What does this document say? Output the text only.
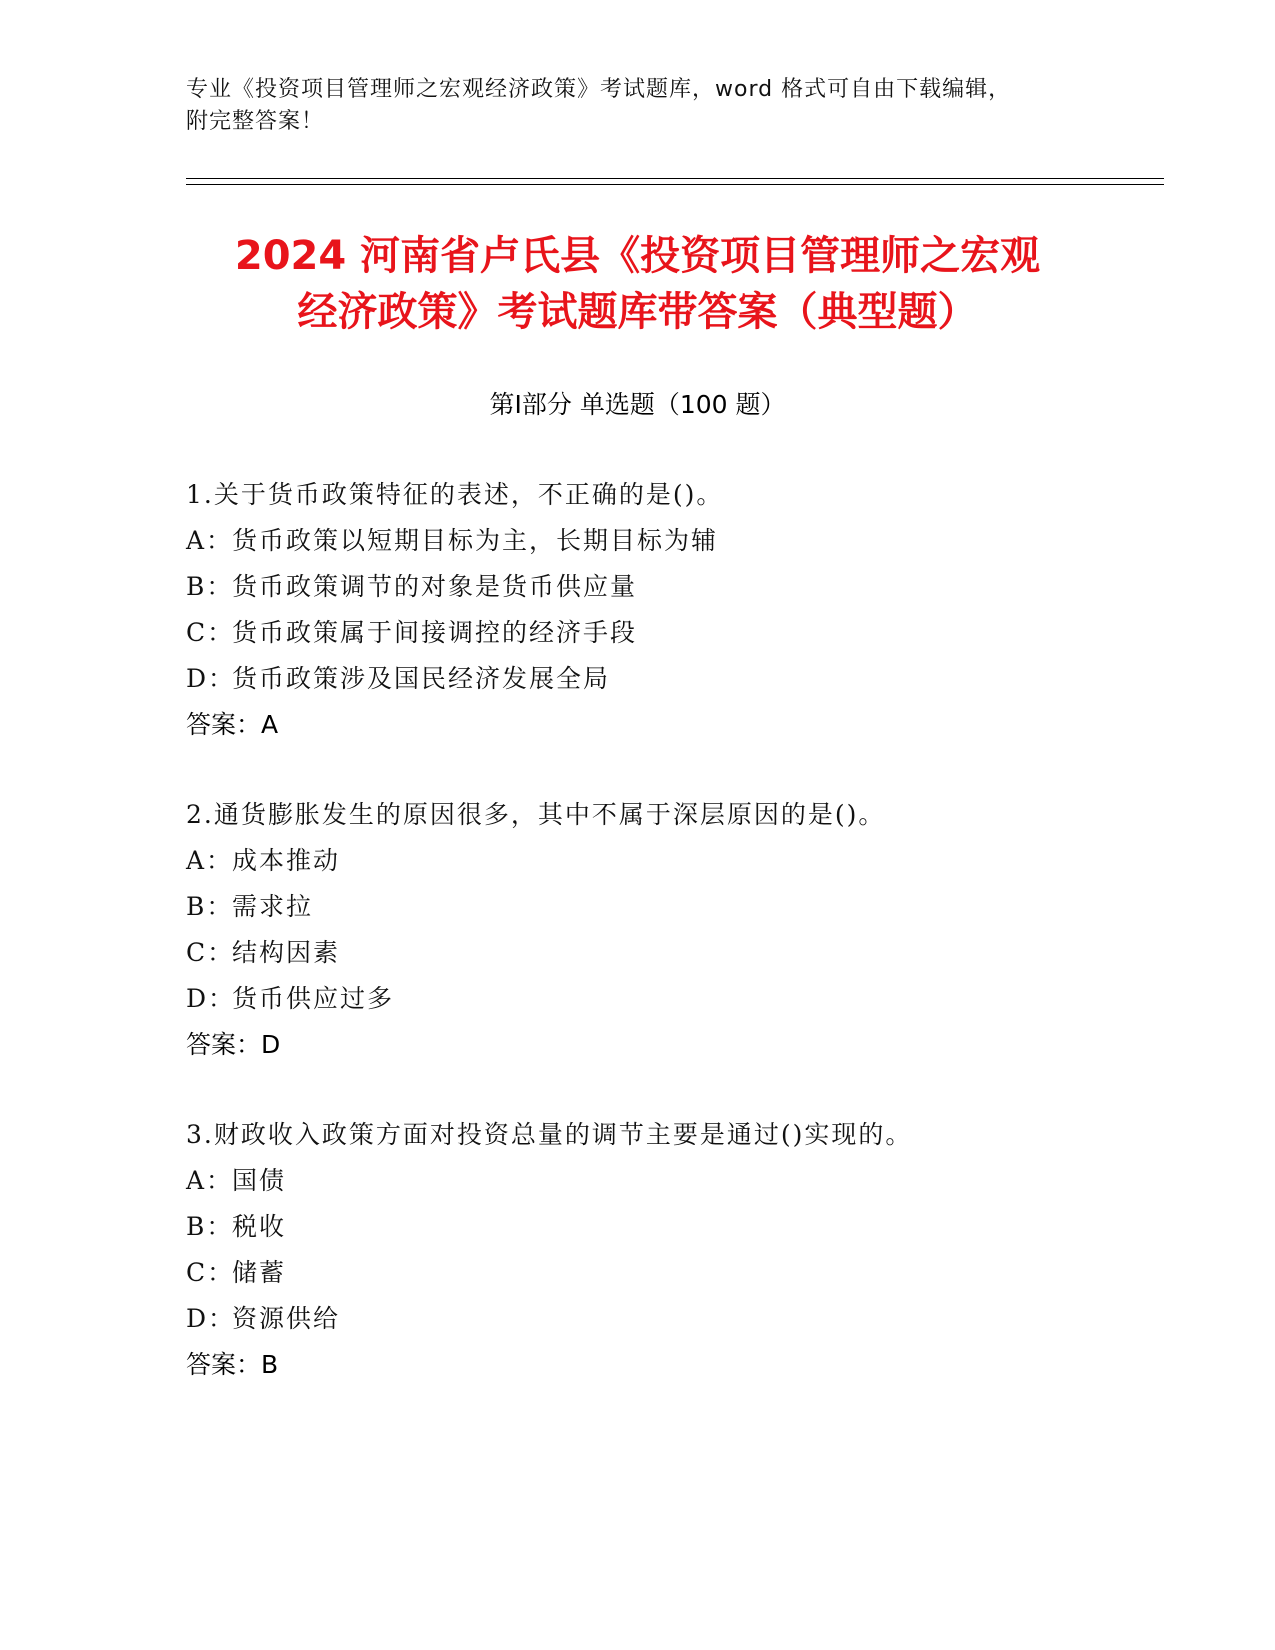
专业《投资项目管理师之宏观经济政策》考试题库，word 格式可自由下载编辑，
附完整答案！
2024 河南省卢氏县《投资项目管理师之宏观
经济政策》考试题库带答案（典型题）
第Ⅰ部分 单选题（100 题）
1.关于货币政策特征的表述，不正确的是()。
A：货币政策以短期目标为主，长期目标为辅
B：货币政策调节的对象是货币供应量
C：货币政策属于间接调控的经济手段
D：货币政策涉及国民经济发展全局
答案：A
2.通货膨胀发生的原因很多，其中不属于深层原因的是()。
A：成本推动
B：需求拉
C：结构因素
D：货币供应过多
答案：D
3.财政收入政策方面对投资总量的调节主要是通过()实现的。
A：国债
B：税收
C：储蓄
D：资源供给
答案：B
